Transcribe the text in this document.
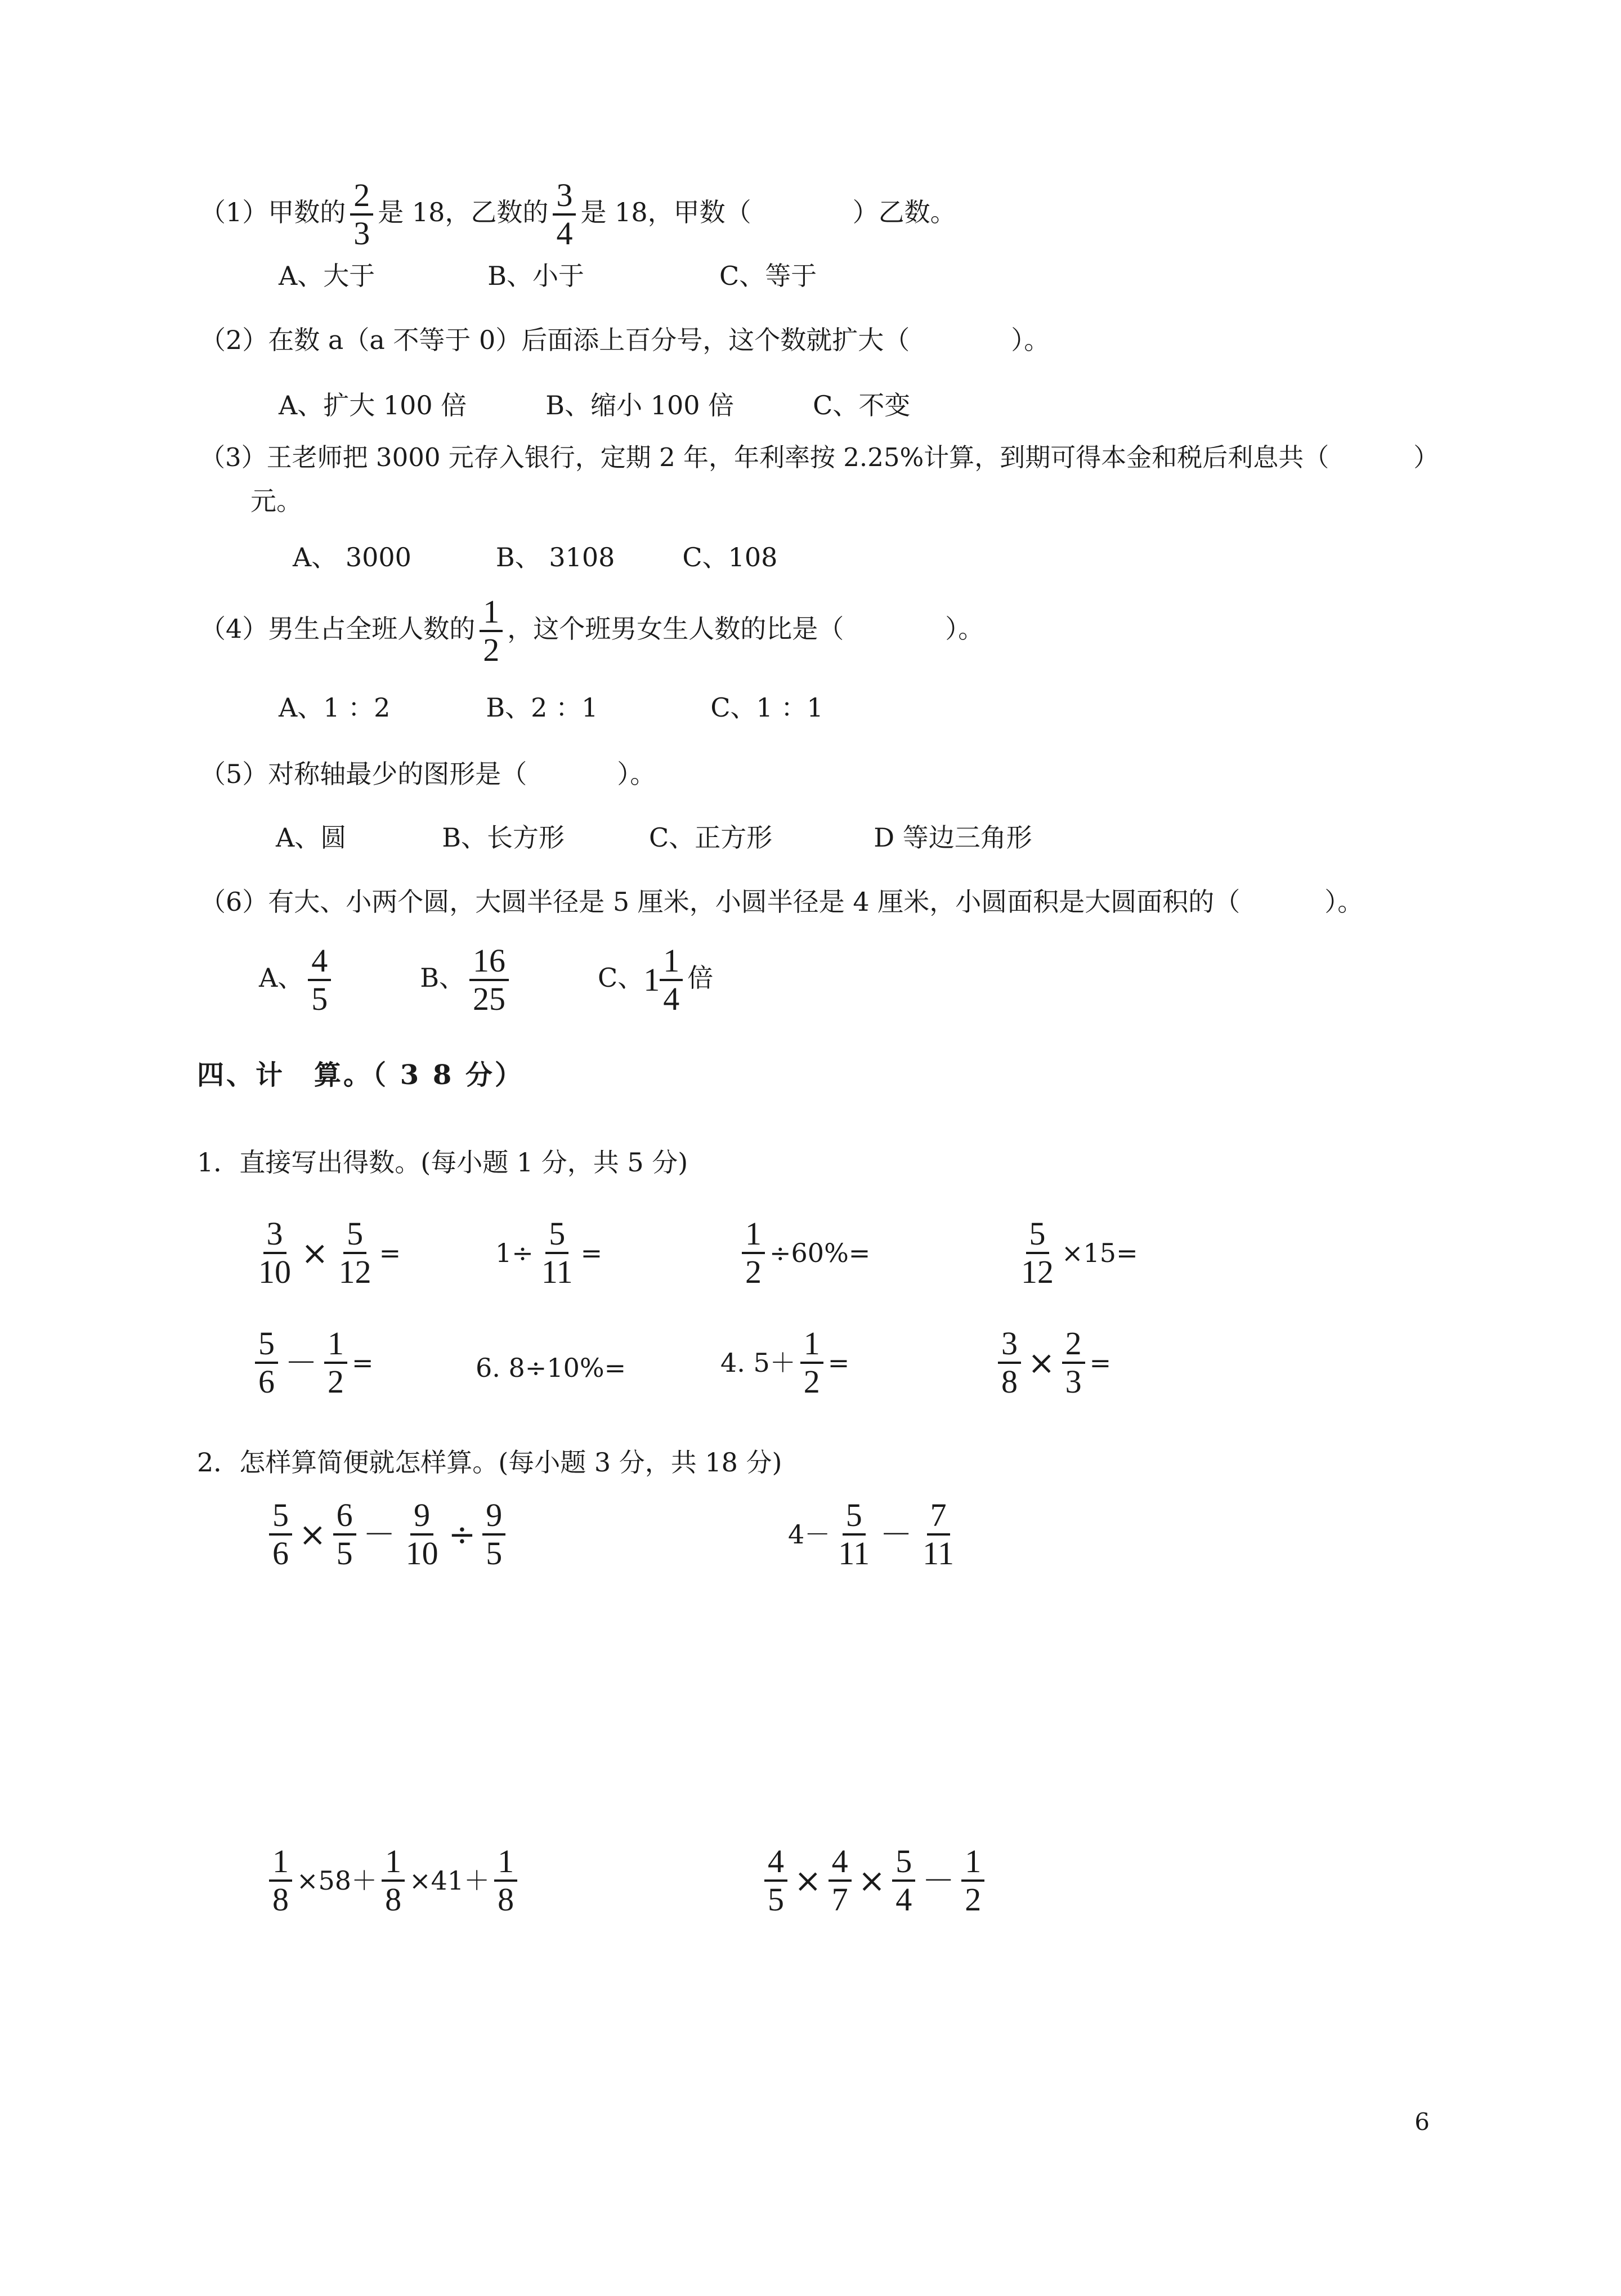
（1）甲数的 $\frac{2}{3}$ 是 18，乙数的 $\frac{3}{4}$ 是 18，甲数（	）乙数。
A、大于	B、小于	C、等于
（2）在数 a（a 不等于 0）后面添上百分号，这个数就扩大（	）。
A、扩大 100 倍	B、缩小 100 倍	C、不变
（3）王老师把 3000 元存入银行，定期 2 年，年利率按 2.25%计算，到期可得本金和税后利息共（	）
元。
A、 3000	B、 3108	C、108
（4）男生占全班人数的 $\frac{1}{2}$ ，这个班男女生人数的比是（	）。
A、1 ：2	B、2 ：1	C、1 ：1
（5）对称轴最少的图形是（	）。
A、圆	B、长方形	C、正方形	D 等边三角形
（6）有大、小两个圆，大圆半径是 5 厘米，小圆半径是 4 厘米，小圆面积是大圆面积的（	）。
A、 $\frac{4}{5}$	B、 $\frac{16}{25}$	C、$1 \frac{1}{4}$ 倍
四、计　算。（ 3 8 分）
1．直接写出得数。(每小题 1 分，共 5 分)
$\frac{3}{10} \times \frac{5}{12}$ =	$1\div \frac{5}{11}$ =	$\frac{1}{2} \div 60\%=$	$\frac{5}{12} \times 15=$
$\frac{5}{6} - \frac{1}{2}$ =	6. 8÷10%=	4. $5+ \frac{1}{2}$ =	$\frac{3}{8} \times \frac{2}{3}$ =
2．怎样算简便就怎样算。(每小题 3 分，共 18 分)
$\frac{5}{6} \times \frac{6}{5} - \frac{9}{10} \div \frac{9}{5}$	$4- \frac{5}{11} - \frac{7}{11}$
$\frac{1}{8} \times 58+ \frac{1}{8} \times 41+ \frac{1}{8}$	$\frac{4}{5} \times \frac{4}{7} \times \frac{5}{4} - \frac{1}{2}$
6
